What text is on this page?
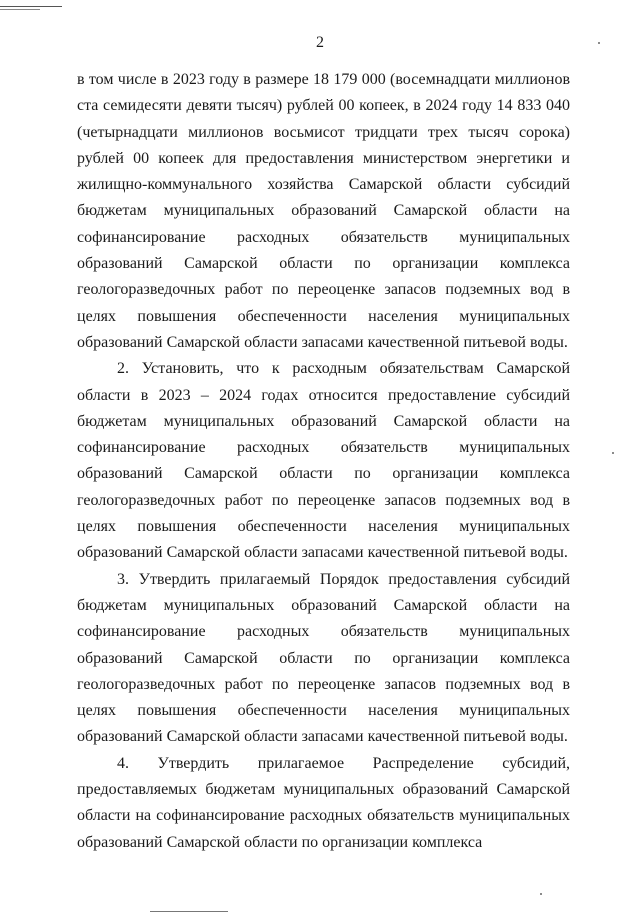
2

в том числе в 2023 году в размере 18 179 000 (восемнадцати миллионов ста семидесяти девяти тысяч) рублей 00 копеек, в 2024 году 14 833 040 (четырнадцати миллионов восьмисот тридцати трех тысяч сорока) рублей 00 копеек для предоставления министерством энергетики и жилищно-коммунального хозяйства Самарской области субсидий бюджетам муниципальных образований Самарской области на софинансирование расходных обязательств муниципальных образований Самарской области по организации комплекса геологоразведочных работ по переоценке запасов подземных вод в целях повышения обеспеченности населения муниципальных образований Самарской области запасами качественной питьевой воды.

2. Установить, что к расходным обязательствам Самарской области в 2023 – 2024 годах относится предоставление субсидий бюджетам муниципальных образований Самарской области на софинансирование расходных обязательств муниципальных образований Самарской области по организации комплекса геологоразведочных работ по переоценке запасов подземных вод в целях повышения обеспеченности населения муниципальных образований Самарской области запасами качественной питьевой воды.

3. Утвердить прилагаемый Порядок предоставления субсидий бюджетам муниципальных образований Самарской области на софинансирование расходных обязательств муниципальных образований Самарской области по организации комплекса геологоразведочных работ по переоценке запасов подземных вод в целях повышения обеспеченности населения муниципальных образований Самарской области запасами качественной питьевой воды.

4. Утвердить прилагаемое Распределение субсидий, предоставляемых бюджетам муниципальных образований Самарской области на софинансирование расходных обязательств муниципальных образований Самарской области по организации комплекса
